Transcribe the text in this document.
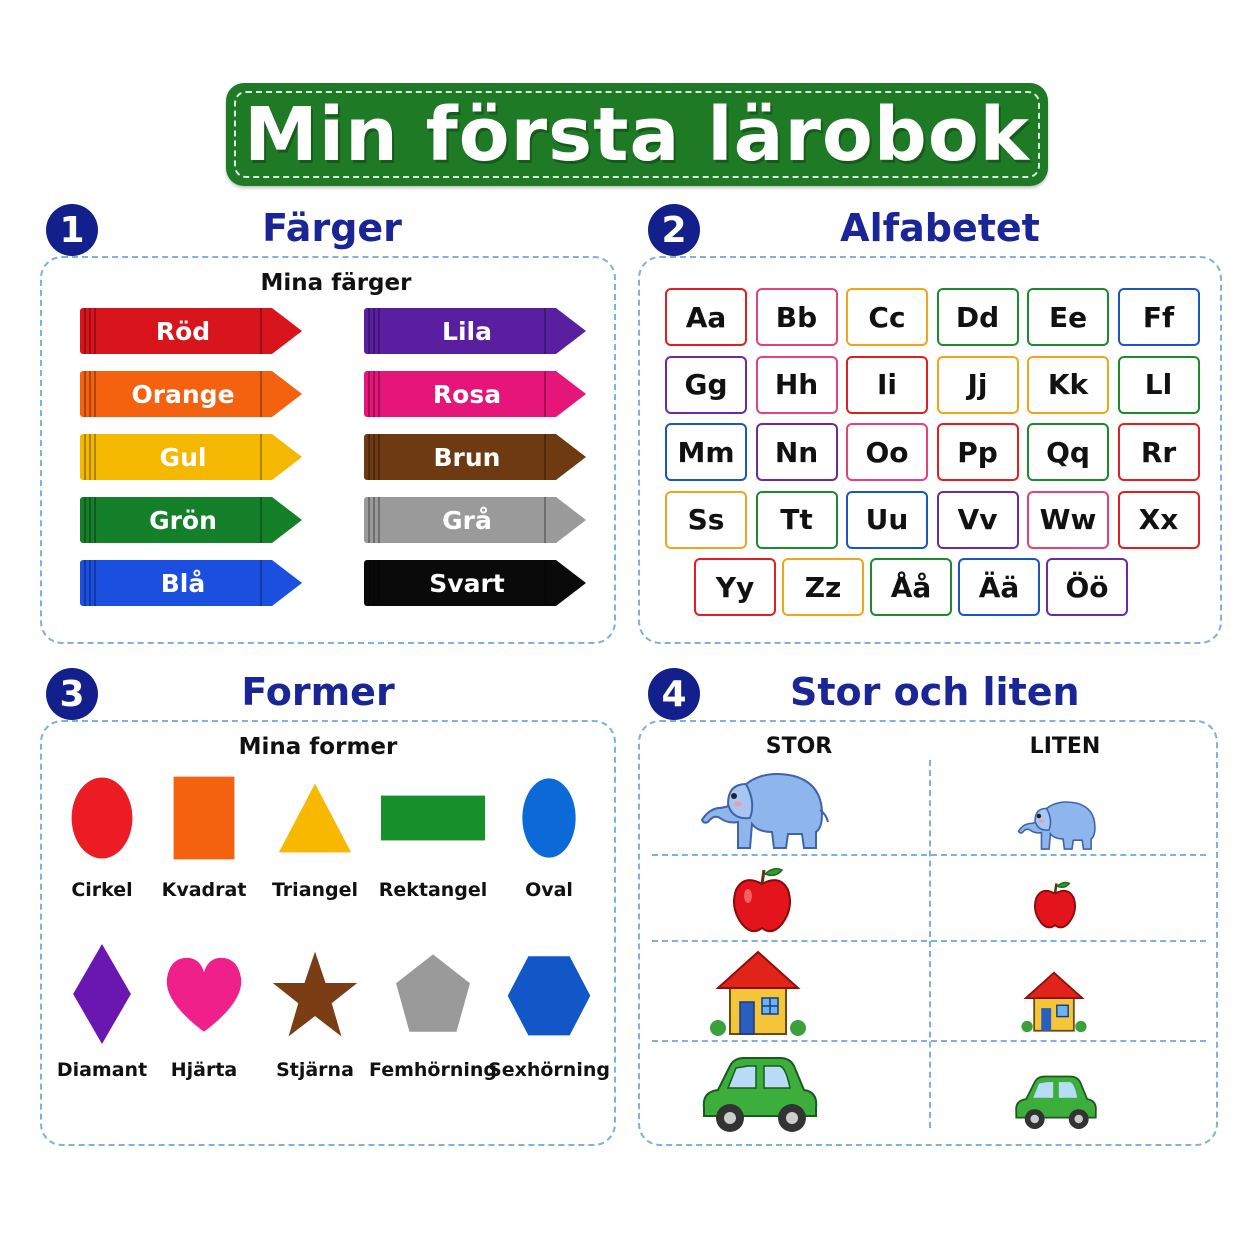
Min första lärobok
1	Färger
Mina färger
Röd
Orange
Gul
Grön
Blå
Lila
Rosa
Brun
Grå
Svart
2	Alfabetet
Aa	Bb	Cc	Dd	Ee	Ff
Gg	Hh	Ii	Jj	Kk	Ll
Mm	Nn	Oo	Pp	Qq	Rr
Ss	Tt	Uu	Vv	Ww	Xx
Yy	Zz	Åå	Ää	Öö
3	Former
Mina former
Cirkel	Kvadrat	Triangel	Rektangel	Oval
Diamant	Hjärta	Stjärna Femhörning
Sexhörning
4	Stor och liten
STOR	LITEN
